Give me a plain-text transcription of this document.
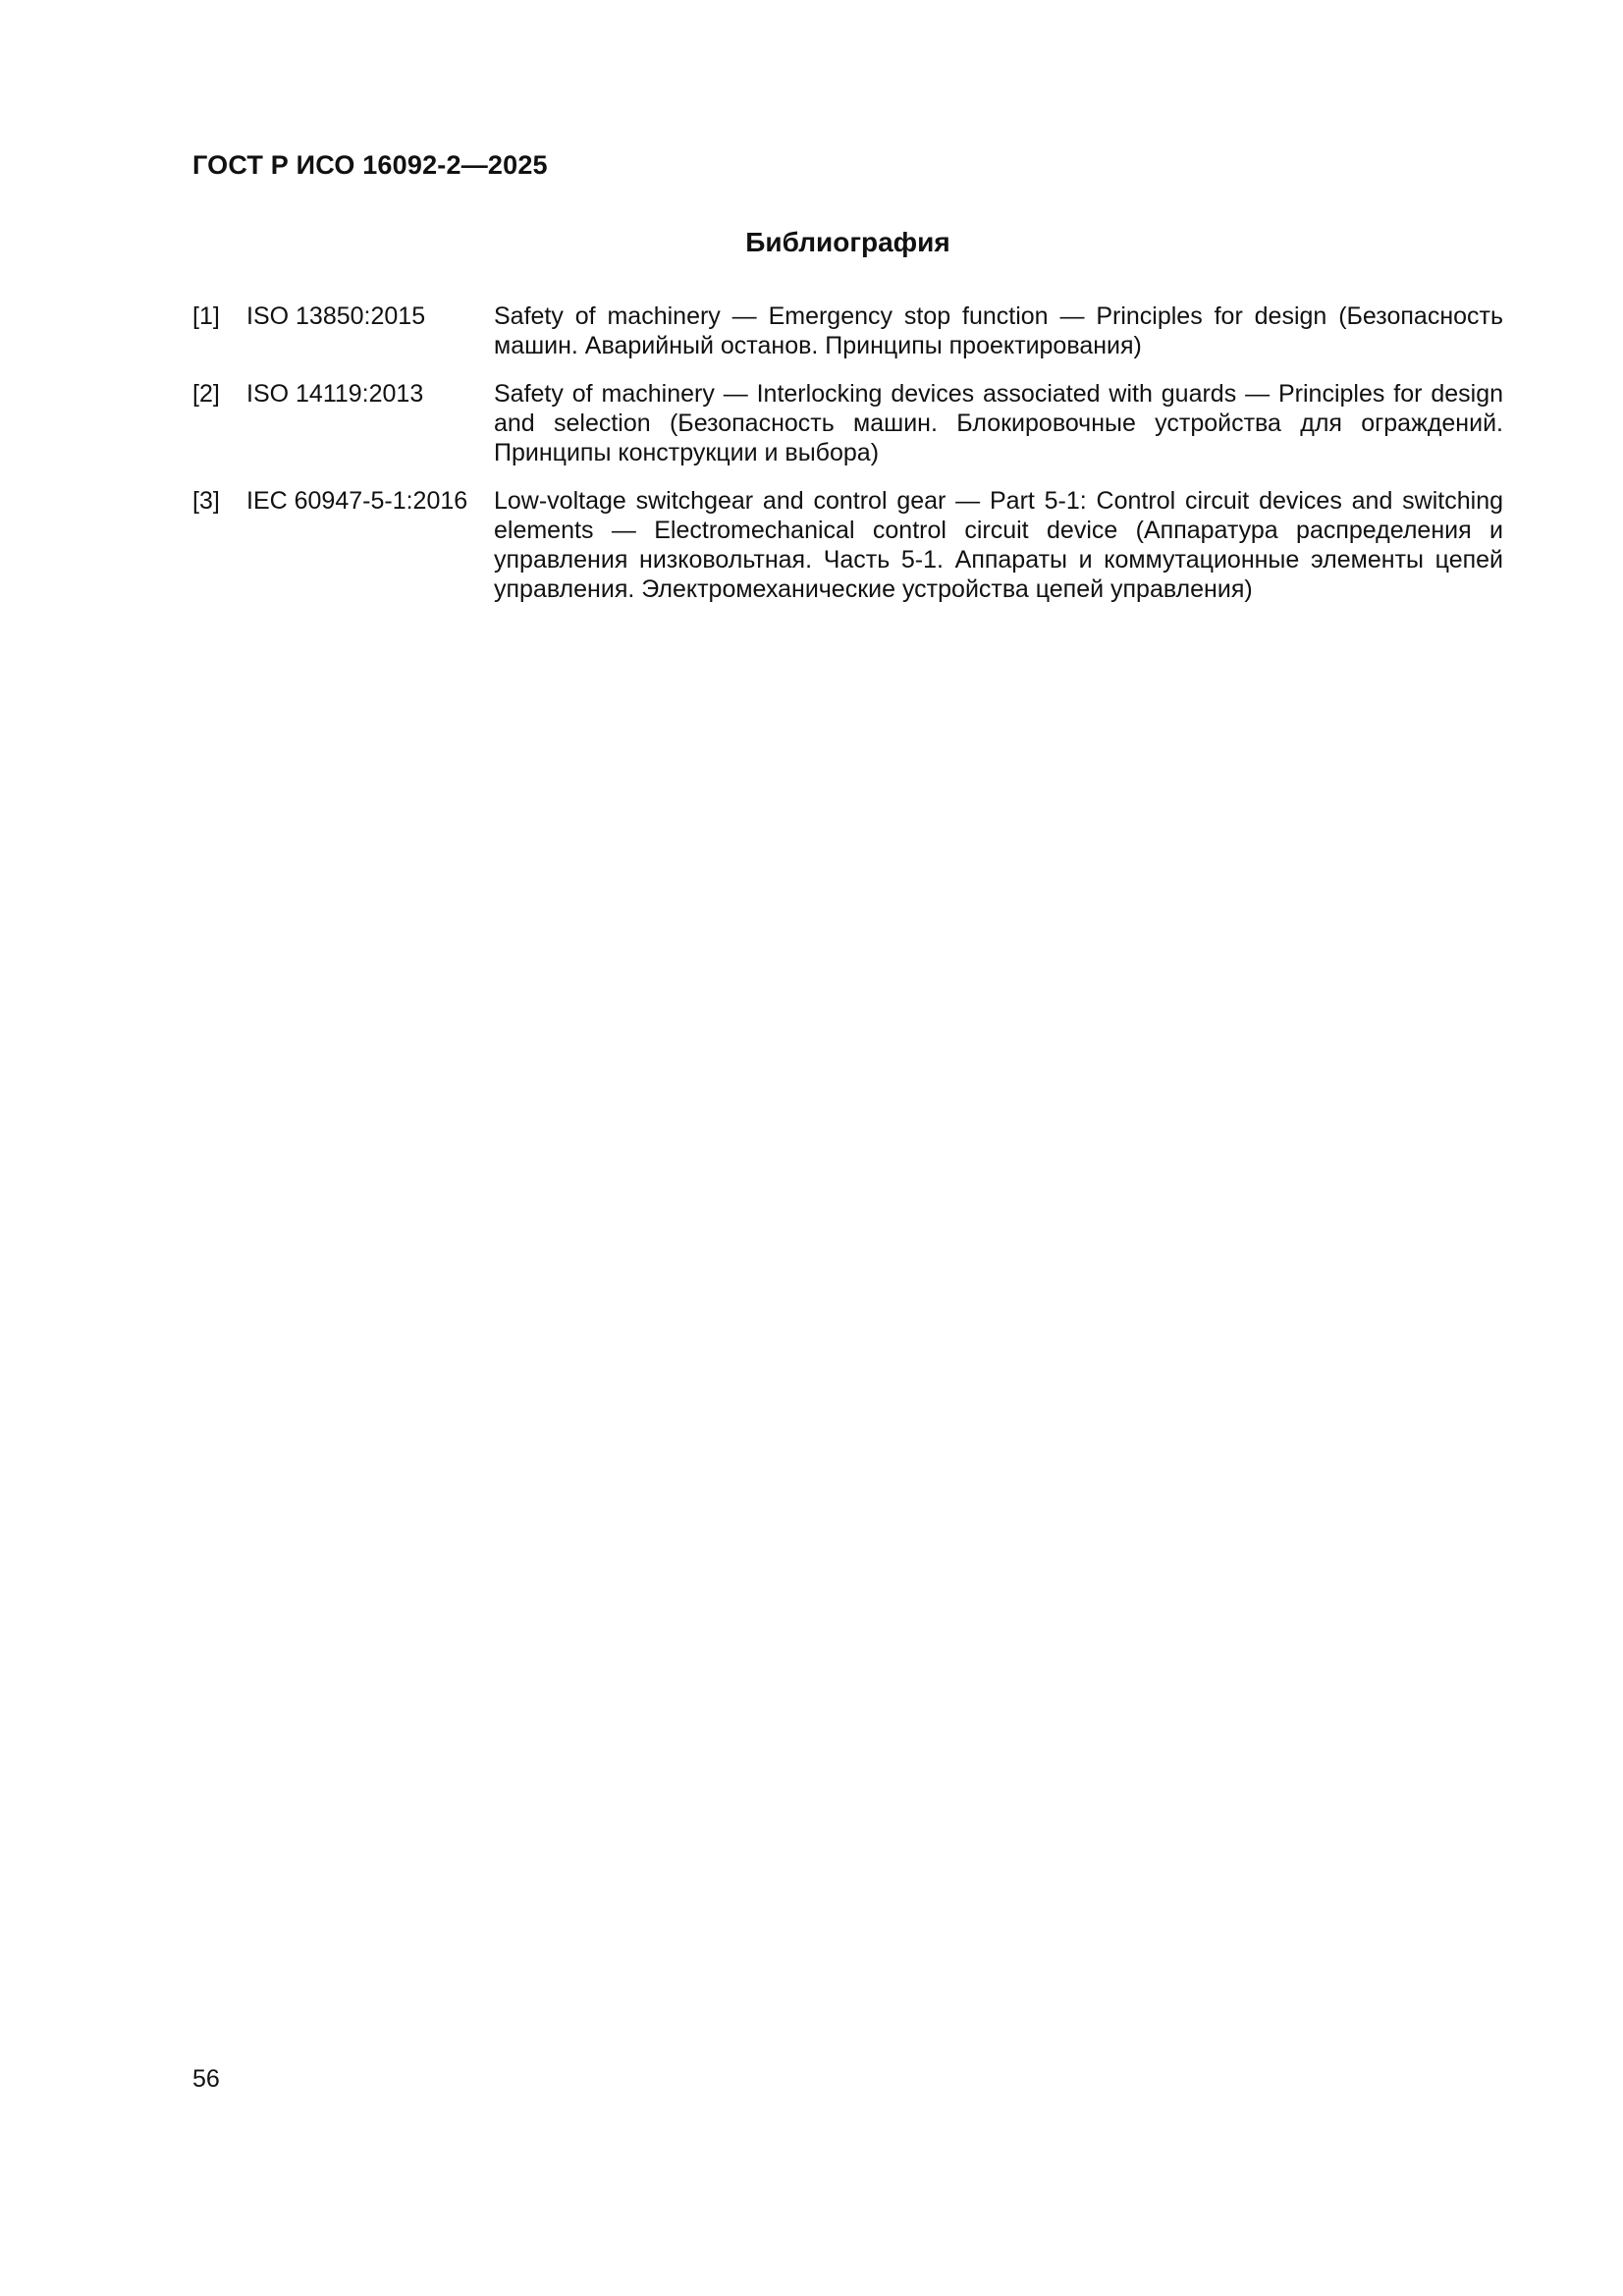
ГОСТ Р ИСО 16092-2—2025
Библиография
[1] ISO 13850:2015	Safety of machinery — Emergency stop function — Principles for design (Безопасность машин. Аварийный останов. Принципы проектирования)
[2] ISO 14119:2013	Safety of machinery — Interlocking devices associated with guards — Principles for design and selection (Безопасность машин. Блокировочные устройства для ограждений. Принципы конструкции и выбора)
[3] IEC 60947-5-1:2016 Low-voltage switchgear and control gear — Part 5-1: Control circuit devices and switching elements — Electromechanical control circuit device (Аппаратура распределения и управления низковольтная. Часть 5-1. Аппараты и коммутационные элементы цепей управления. Электромеханические устройства цепей управления)
56
